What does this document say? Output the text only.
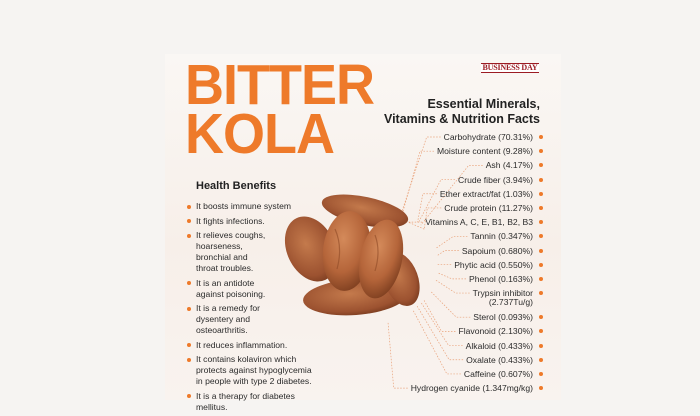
BITTER
KOLA
BUSINESS DAY
Essential Minerals,
Vitamins & Nutrition Facts
Carbohydrate (70.31%)
Moisture content (9.28%)
Ash (4.17%)
Crude fiber (3.94%)
Ether extract/fat (1.03%)
Crude protein (11.27%)
Vitamins A, C, E, B1, B2, B3
Tannin (0.347%)
Sapoium (0.680%)
Phytic acid (0.550%)
Phenol (0.163%)
Trypsin inhibitor
(2.737Tu/g)
Sterol (0.093%)
Flavonoid (2.130%)
Alkaloid (0.433%)
Oxalate (0.433%)
Caffeine (0.607%)
Hydrogen cyanide (1.347mg/kg)
Health Benefits
It boosts immune system
It fights infections.
It relieves coughs,
hoarseness,
bronchial and
throat troubles.
It is an antidote
against poisoning.
It is a remedy for
dysentery and
osteoarthritis.
It reduces inflammation.
It contains kolaviron which
protects against hypoglycemia
in people with type 2 diabetes.
It is a therapy for diabetes
mellitus.
